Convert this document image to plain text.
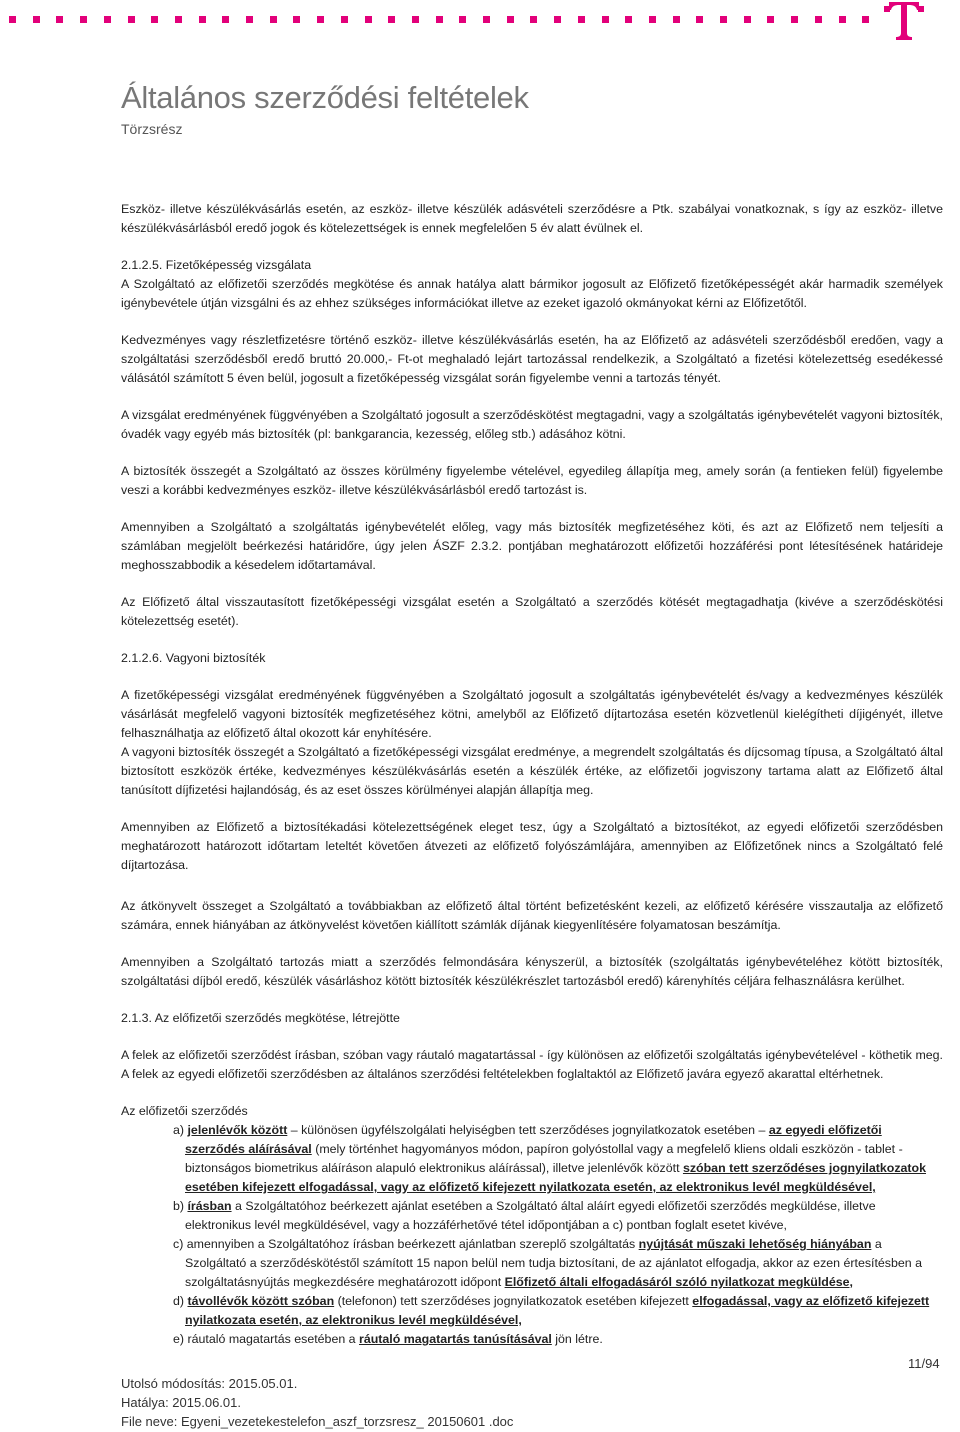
Általános szerződési feltételek
Törzsrész

Eszköz- illetve készülékvásárlás esetén, az eszköz- illetve készülék adásvételi szerződésre a Ptk. szabályai vonatkoznak, s így az eszköz- illetve készülékvásárlásból eredő jogok és kötelezettségek is ennek megfelelően 5 év alatt évülnek el.

2.1.2.5. Fizetőképesség vizsgálata

A Szolgáltató az előfizetői szerződés megkötése és annak hatálya alatt bármikor jogosult az Előfizető fizetőképességét akár harmadik személyek igénybevétele útján vizsgálni és az ehhez szükséges információkat illetve az ezeket igazoló okmányokat kérni az Előfizetőtől.

Kedvezményes vagy részletfizetésre történő eszköz- illetve készülékvásárlás esetén, ha az Előfizető az adásvételi szerződésből eredően, vagy a szolgáltatási szerződésből eredő bruttó 20.000,- Ft-ot meghaladó lejárt tartozással rendelkezik, a Szolgáltató a fizetési kötelezettség esedékessé válásától számított 5 éven belül, jogosult a fizetőképesség vizsgálat során figyelembe venni a tartozás tényét.

A vizsgálat eredményének függvényében a Szolgáltató jogosult a szerződéskötést megtagadni, vagy a szolgáltatás igénybevételét vagyoni biztosíték, óvadék vagy egyéb más biztosíték (pl: bankgarancia, kezesség, előleg stb.) adásához kötni.

A biztosíték összegét a Szolgáltató az összes körülmény figyelembe vételével, egyedileg állapítja meg, amely során (a fentieken felül) figyelembe veszi a korábbi kedvezményes eszköz- illetve készülékvásárlásból eredő tartozást is.

Amennyiben a Szolgáltató a szolgáltatás igénybevételét előleg, vagy más biztosíték megfizetéséhez köti, és azt az Előfizető nem teljesíti a számlában megjelölt beérkezési határidőre, úgy jelen ÁSZF 2.3.2. pontjában meghatározott előfizetői hozzáférési pont létesítésének határideje meghosszabbodik a késedelem időtartamával.

Az Előfizető által visszautasított fizetőképességi vizsgálat esetén a Szolgáltató a szerződés kötését megtagadhatja (kivéve a szerződéskötési kötelezettség esetét).

2.1.2.6. Vagyoni biztosíték

A fizetőképességi vizsgálat eredményének függvényében a Szolgáltató jogosult a szolgáltatás igénybevételét és/vagy a kedvezményes készülék vásárlását megfelelő vagyoni biztosíték megfizetéséhez kötni, amelyből az Előfizető díjtartozása esetén közvetlenül kielégítheti díjigényét, illetve felhasználhatja az előfizető által okozott kár enyhítésére.

A vagyoni biztosíték összegét a Szolgáltató a fizetőképességi vizsgálat eredménye, a megrendelt szolgáltatás és díjcsomag típusa, a Szolgáltató által biztosított eszközök értéke, kedvezményes készülékvásárlás esetén a készülék értéke, az előfizetői jogviszony tartama alatt az Előfizető által tanúsított díjfizetési hajlandóság, és az eset összes körülményei alapján állapítja meg.

Amennyiben az Előfizető a biztosítékadási kötelezettségének eleget tesz, úgy a Szolgáltató a biztosítékot, az egyedi előfizetői szerződésben meghatározott határozott időtartam leteltét követően átvezeti az előfizető folyószámlájára, amennyiben az Előfizetőnek nincs a Szolgáltató felé díjtartozása.

Az átkönyvelt összeget a Szolgáltató a továbbiakban az előfizető által történt befizetésként kezeli, az előfizető kérésére visszautalja az előfizető számára, ennek hiányában az átkönyvelést követően kiállított számlák díjának kiegyenlítésére folyamatosan beszámítja.

Amennyiben a Szolgáltató tartozás miatt a szerződés felmondására kényszerül, a biztosíték (szolgáltatás igénybevételéhez kötött biztosíték, szolgáltatási díjból eredő, készülék vásárláshoz kötött biztosíték készülékrészlet tartozásból eredő) kárenyhítés céljára felhasználásra kerülhet.

2.1.3. Az előfizetői szerződés megkötése, létrejötte

A felek az előfizetői szerződést írásban, szóban vagy ráutaló magatartással - így különösen az előfizetői szolgáltatás igénybevételével - köthetik meg. A felek az egyedi előfizetői szerződésben az általános szerződési feltételekben foglaltaktól az Előfizető javára egyező akarattal eltérhetnek.

Az előfizetői szerződés

a) jelenlévők között – különösen ügyfélszolgálati helyiségben tett szerződéses jognyilatkozatok esetében – az egyedi előfizetői szerződés aláírásával (mely történhet hagyományos módon, papíron golyóstollal vagy a megfelelő kliens oldali eszközön - tablet - biztonságos biometrikus aláíráson alapuló elektronikus aláírással), illetve jelenlévők között szóban tett szerződéses jognyilatkozatok esetében kifejezett elfogadással, vagy az előfizető kifejezett nyilatkozata esetén, az elektronikus levél megküldésével,

b) írásban a Szolgáltatóhoz beérkezett ajánlat esetében a Szolgáltató által aláírt egyedi előfizetői szerződés megküldése, illetve elektronikus levél megküldésével, vagy a hozzáférhetővé tétel időpontjában a c) pontban foglalt esetet kivéve,

c) amennyiben a Szolgáltatóhoz írásban beérkezett ajánlatban szereplő szolgáltatás nyújtását műszaki lehetőség hiányában a Szolgáltató a szerződéskötéstől számított 15 napon belül nem tudja biztosítani, de az ajánlatot elfogadja, akkor az ezen értesítésben a szolgáltatásnyújtás megkezdésére meghatározott időpont Előfizető általi elfogadásáról szóló nyilatkozat megküldése,

d) távollévők között szóban (telefonon) tett szerződéses jognyilatkozatok esetében kifejezett elfogadással, vagy az előfizető kifejezett nyilatkozata esetén, az elektronikus levél megküldésével,

e) ráutaló magatartás esetében a ráutaló magatartás tanúsításával jön létre.

11/94
Utolsó módosítás: 2015.05.01.
Hatálya: 2015.06.01.
File neve: Egyeni_vezetekestelefon_aszf_torzsresz_ 20150601 .doc
